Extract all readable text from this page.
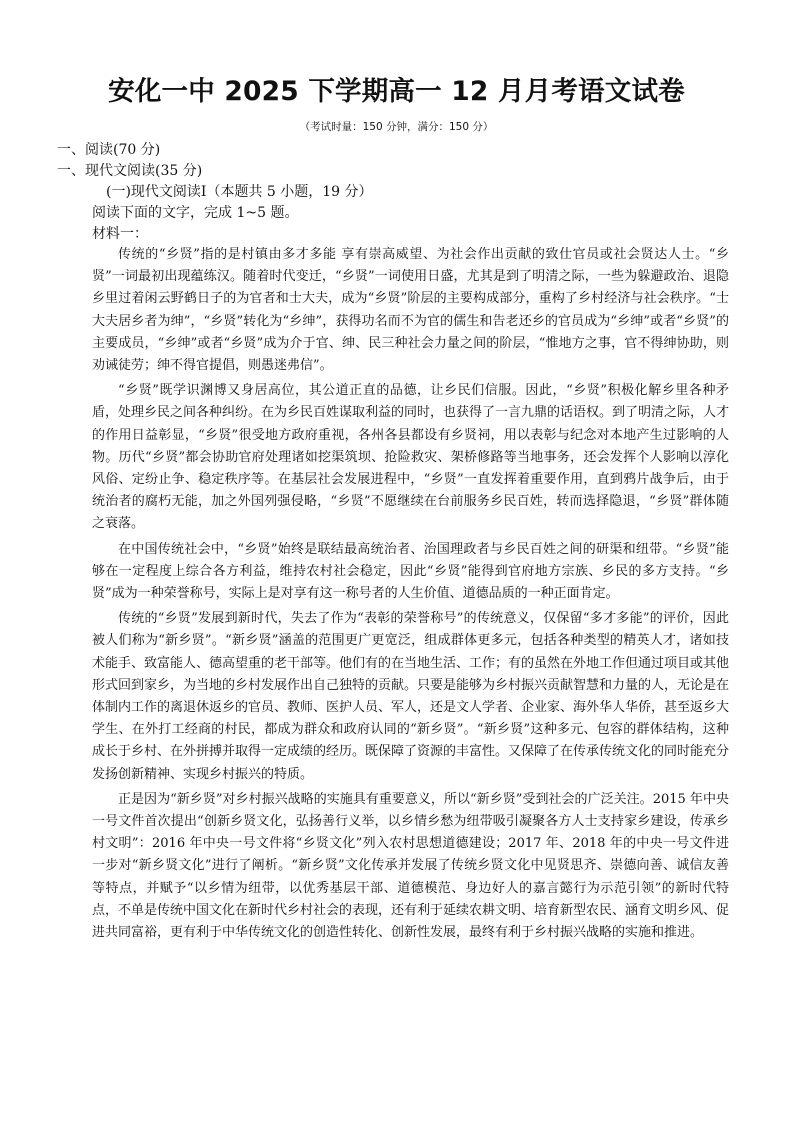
安化一中 2025 下学期高一 12 月月考语文试卷
（考试时量：150 分钟，满分：150 分）
一、阅读(70 分)
一、现代文阅读(35 分)
(一)现代文阅读Ⅰ（本题共 5 小题，19 分）
阅读下面的文字，完成 1~5 题。
材料一：

传统的“乡贤”指的是村镇由多才多能 享有崇高威望、为社会作出贡献的致仕官员或社会贤达人士。“乡贤”一词最初出现蕴练汉。随着时代变迁，“乡贤”一词使用日盛，尤其是到了明清之际，一些为躲避政治、退隐乡里过着闲云野鹤日子的为官者和士大夫，成为“乡贤”阶层的主要构成部分，重构了乡村经济与社会秩序。“士大夫居乡者为绅”，“乡贤”转化为“乡绅”，获得功名而不为官的儒生和告老还乡的官员成为“乡绅”或者“乡贤”的主要成员，“乡绅”或者“乡贤”成为介于官、绅、民三种社会力量之间的阶层，“惟地方之事，官不得绅协助，则劝诫徒劳；绅不得官提倡，则愚迷弗信”。

“乡贤”既学识渊博又身居高位，其公道正直的品德，让乡民们信服。因此，“乡贤”积极化解乡里各种矛盾，处理乡民之间各种纠纷。在为乡民百姓谋取利益的同时，也获得了一言九鼎的话语权。到了明清之际，人才的作用日益彰显，“乡贤”很受地方政府重视，各州各县都设有乡贤祠，用以表彰与纪念对本地产生过影响的人物。历代“乡贤”都会协助官府处理诸如挖渠筑坝、抢险救灾、架桥修路等当地事务，还会发挥个人影响以淳化风俗、定纷止争、稳定秩序等。在基层社会发展进程中，“乡贤”一直发挥着重要作用，直到鸦片战争后，由于统治者的腐朽无能，加之外国列强侵略，“乡贤”不愿继续在台前服务乡民百姓，转而选择隐退，“乡贤”群体随之衰落。

在中国传统社会中，“乡贤”始终是联结最高统治者、治国理政者与乡民百姓之间的研渠和纽带。“乡贤”能够在一定程度上综合各方利益，维持农村社会稳定，因此“乡贤”能得到官府地方宗族、乡民的多方支持。“乡贤”成为一种荣誉称号，实际上是对享有这一称号者的人生价值、道德品质的一种正面肯定。

传统的“乡贤”发展到新时代，失去了作为“表彰的荣誉称号”的传统意义，仅保留“多才多能”的评价，因此被人们称为“新乡贤”。“新乡贤”涵盖的范围更广更宽泛，组成群体更多元，包括各种类型的精英人才，诸如技术能手、致富能人、德高望重的老干部等。他们有的在当地生活、工作；有的虽然在外地工作但通过项目或其他形式回到家乡，为当地的乡村发展作出自己独特的贡献。只要是能够为乡村振兴贡献智慧和力量的人，无论是在体制内工作的离退休返乡的官员、教师、医护人员、军人，还是文人学者、企业家、海外华人华侨，甚至返乡大学生、在外打工经商的村民，都成为群众和政府认同的“新乡贤”。“新乡贤”这种多元、包容的群体结构，这种成长于乡村、在外拼搏并取得一定成绩的经历。既保障了资源的丰富性。又保障了在传承传统文化的同时能充分发扬创新精神、实现乡村振兴的特质。

正是因为“新乡贤”对乡村振兴战略的实施具有重要意义，所以“新乡贤”受到社会的广泛关注。2015 年中央一号文件首次提出“创新乡贤文化，弘扬善行义举，以乡情乡愁为纽带吸引凝聚各方人士支持家乡建设，传承乡村文明”：2016 年中央一号文件将“乡贤文化”列入农村思想道德建设；2017 年、2018 年的中央一号文件进一步对“新乡贤文化”进行了阐析。“新乡贤”文化传承并发展了传统乡贤文化中见贤思齐、崇德向善、诚信友善等特点，并赋予“以乡情为纽带，以优秀基层干部、道德模范、身边好人的嘉言懿行为示范引领”的新时代特点，不单是传统中国文化在新时代乡村社会的表现，还有利于延续农耕文明、培育新型农民、涵育文明乡风、促进共同富裕，更有利于中华传统文化的创造性转化、创新性发展，最终有利于乡村振兴战略的实施和推进。
